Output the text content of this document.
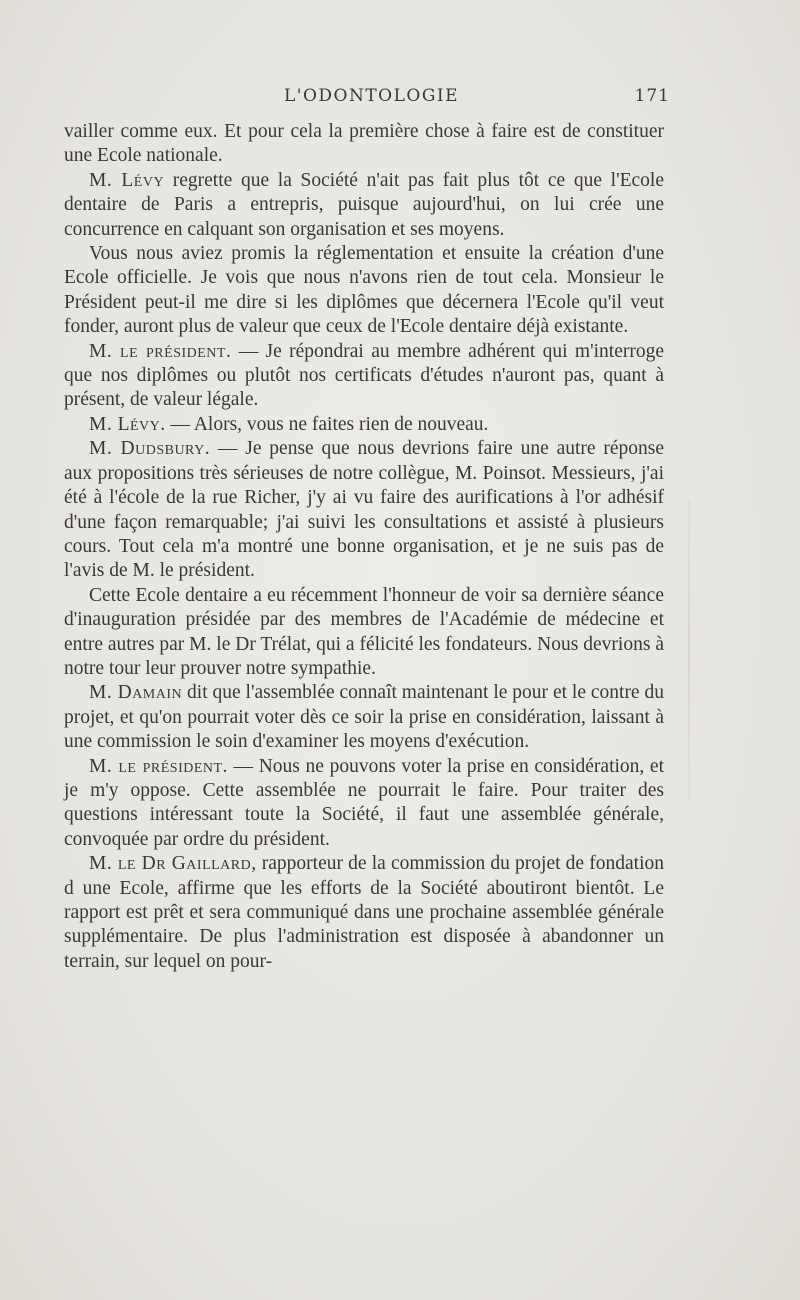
L'ODONTOLOGIE	171

vailler comme eux. Et pour cela la première chose à faire est de constituer une Ecole nationale.

M. Lévy regrette que la Société n'ait pas fait plus tôt ce que l'Ecole dentaire de Paris a entrepris, puisque aujourd'hui, on lui crée une concurrence en calquant son organisation et ses moyens.

Vous nous aviez promis la réglementation et ensuite la création d'une Ecole officielle. Je vois que nous n'avons rien de tout cela. Monsieur le Président peut-il me dire si les diplômes que décernera l'Ecole qu'il veut fonder, auront plus de valeur que ceux de l'Ecole dentaire déjà existante.

M. le président. — Je répondrai au membre adhérent qui m'interroge que nos diplômes ou plutôt nos certificats d'études n'auront pas, quant à présent, de valeur légale.

M. Lévy. — Alors, vous ne faites rien de nouveau.

M. Dudsbury. — Je pense que nous devrions faire une autre réponse aux propositions très sérieuses de notre collègue, M. Poinsot. Messieurs, j'ai été à l'école de la rue Richer, j'y ai vu faire des aurifications à l'or adhésif d'une façon remarquable; j'ai suivi les consultations et assisté à plusieurs cours. Tout cela m'a montré une bonne organisation, et je ne suis pas de l'avis de M. le président.

Cette Ecole dentaire a eu récemment l'honneur de voir sa dernière séance d'inauguration présidée par des membres de l'Académie de médecine et entre autres par M. le Dr Trélat, qui a félicité les fondateurs. Nous devrions à notre tour leur prouver notre sympathie.

M. Damain dit que l'assemblée connaît maintenant le pour et le contre du projet, et qu'on pourrait voter dès ce soir la prise en considération, laissant à une commission le soin d'examiner les moyens d'exécution.

M. le président. — Nous ne pouvons voter la prise en considération, et je m'y oppose. Cette assemblée ne pourrait le faire. Pour traiter des questions intéressant toute la Société, il faut une assemblée générale, convoquée par ordre du président.

M. le Dr Gaillard, rapporteur de la commission du projet de fondation d une Ecole, affirme que les efforts de la Société aboutiront bientôt. Le rapport est prêt et sera communiqué dans une prochaine assemblée générale supplémentaire. De plus l'administration est disposée à abandonner un terrain, sur lequel on pour-
